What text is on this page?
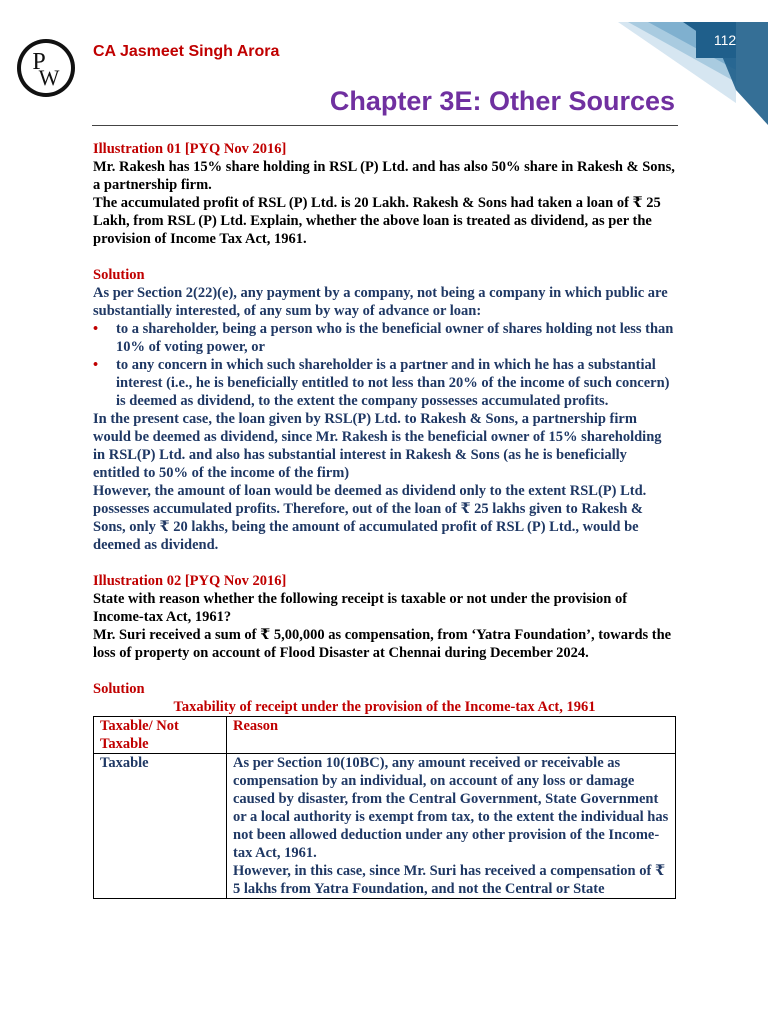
112
P
W
CA Jasmeet Singh Arora
Chapter 3E: Other Sources

Illustration 01 [PYQ Nov 2016]

Mr. Rakesh has 15% share holding in RSL (P) Ltd. and has also 50% share in Rakesh & Sons, a partnership firm.

The accumulated profit of RSL (P) Ltd. is 20 Lakh. Rakesh & Sons had taken a loan of ₹ 25 Lakh, from RSL (P) Ltd. Explain, whether the above loan is treated as dividend, as per the provision of Income Tax Act, 1961.

Solution

As per Section 2(22)(e), any payment by a company, not being a company in which public are substantially interested, of any sum by way of advance or loan:

• to a shareholder, being a person who is the beneficial owner of shares holding not less than 10% of voting power, or
• to any concern in which such shareholder is a partner and in which he has a substantial interest (i.e., he is beneficially entitled to not less than 20% of the income of such concern) is deemed as dividend, to the extent the company possesses accumulated profits.

In the present case, the loan given by RSL(P) Ltd. to Rakesh & Sons, a partnership firm would be deemed as dividend, since Mr. Rakesh is the beneficial owner of 15% shareholding in RSL(P) Ltd. and also has substantial interest in Rakesh & Sons (as he is beneficially entitled to 50% of the income of the firm)

However, the amount of loan would be deemed as dividend only to the extent RSL(P) Ltd. possesses accumulated profits. Therefore, out of the loan of ₹ 25 lakhs given to Rakesh & Sons, only ₹ 20 lakhs, being the amount of accumulated profit of RSL (P) Ltd., would be deemed as dividend.

Illustration 02 [PYQ Nov 2016]

State with reason whether the following receipt is taxable or not under the provision of Income-tax Act, 1961?

Mr. Suri received a sum of ₹ 5,00,000 as compensation, from ‘Yatra Foundation’, towards the loss of property on account of Flood Disaster at Chennai during December 2024.

Solution

Taxability of receipt under the provision of the Income-tax Act, 1961

Taxable/ Not Taxable	Reason
Taxable	As per Section 10(10BC), any amount received or receivable as compensation by an individual, on account of any loss or damage caused by disaster, from the Central Government, State Government or a local authority is exempt from tax, to the extent the individual has not been allowed deduction under any other provision of the Income-tax Act, 1961.

However, in this case, since Mr. Suri has received a compensation of ₹ 5 lakhs from Yatra Foundation, and not the Central or State
